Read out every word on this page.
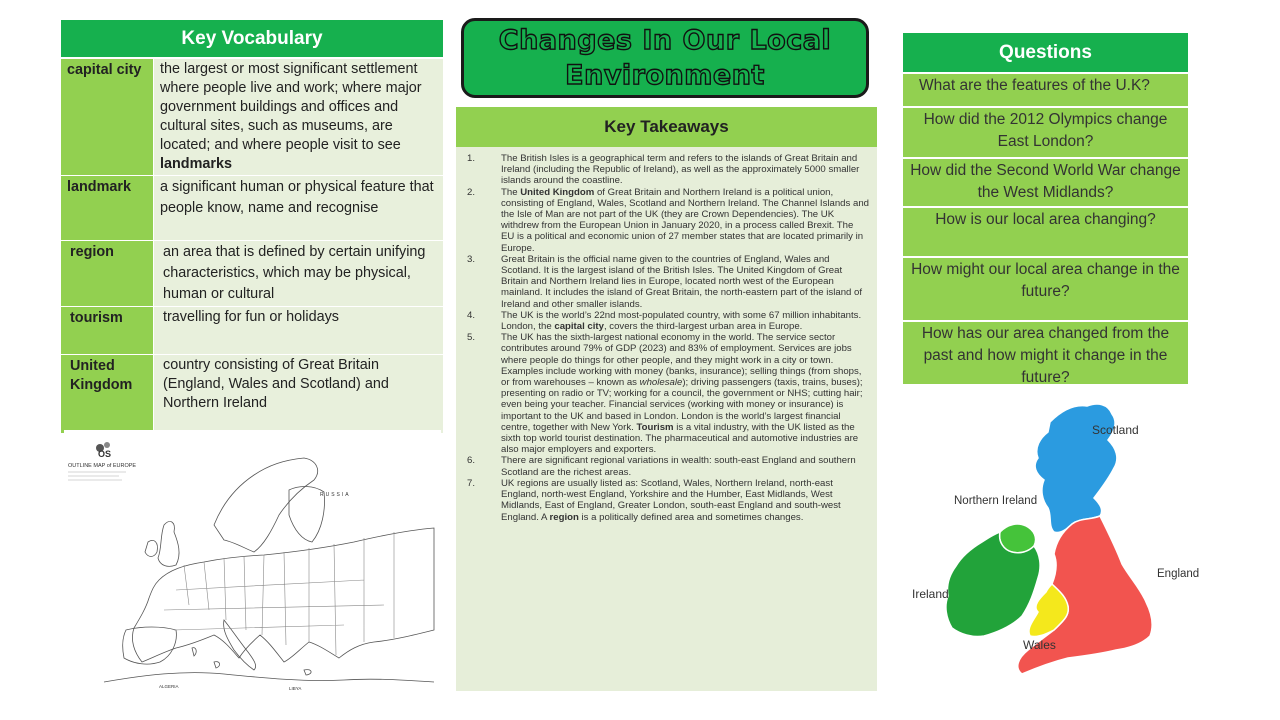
Key Vocabulary
capital city	the largest or most significant settlement where people live and work; where major government buildings and offices and cultural sites, such as museums, are located; and where people visit to see landmarks
landmark	a significant human or physical feature that people know, name and recognise
region	an area that is defined by certain unifying characteristics, which may be physical, human or cultural
tourism	travelling for fun or holidays
United Kingdom	country consisting of Great Britain (England, Wales and Scotland) and Northern Ireland
Changes In Our Local
Environment
Key Takeaways
1.	The British Isles is a geographical term and refers to the islands of Great Britain and Ireland (including the Republic of Ireland), as well as the approximately 5000 smaller islands around the coastline.
2.	The United Kingdom of Great Britain and Northern Ireland is a political union, consisting of England, Wales, Scotland and Northern Ireland. The Channel Islands and the Isle of Man are not part of the UK (they are Crown Dependencies). The UK withdrew from the European Union in January 2020, in a process called Brexit. The EU is a political and economic union of 27 member states that are located primarily in Europe.
3.	Great Britain is the official name given to the countries of England, Wales and Scotland. It is the largest island of the British Isles. The United Kingdom of Great Britain and Northern Ireland lies in Europe, located north west of the European mainland. It includes the island of Great Britain, the north-eastern part of the island of Ireland and other smaller islands.
4.	The UK is the world’s 22nd most-populated country, with some 67 million inhabitants. London, the capital city, covers the third-largest urban area in Europe.
5.	The UK has the sixth-largest national economy in the world. The service sector contributes around 79% of GDP (2023) and 83% of employment. Services are jobs where people do things for other people, and they might work in a city or town. Examples include working with money (banks, insurance); selling things (from shops, or from warehouses – known as wholesale); driving passengers (taxis, trains, buses); presenting on radio or TV; working for a council, the government or NHS; cutting hair; even being your teacher. Financial services (working with money or insurance) is important to the UK and based in London. London is the world’s largest financial centre, together with New York. Tourism is a vital industry, with the UK listed as the sixth top world tourist destination. The pharmaceutical and automotive industries are also major employers and exporters.
6.	There are significant regional variations in wealth: south-east England and southern Scotland are the richest areas.
7.	UK regions are usually listed as: Scotland, Wales, Northern Ireland, north-east England, north-west England, Yorkshire and the Humber, East Midlands, West Midlands, East of England, Greater London, south-east England and south-west England. A region is a politically defined area and sometimes changes.
Questions
What are the features of the U.K?
How did the 2012 Olympics change East London?
How did the Second World War change the West Midlands?
How is our local area changing?
How might our local area change in the future?
How has our area changed from the past and how might it change in the future?
OS
OUTLINE MAP of EUROPE
RUSSIA
ALGERIA	LIBYA
Scotland
Northern Ireland
England
Ireland
Wales
